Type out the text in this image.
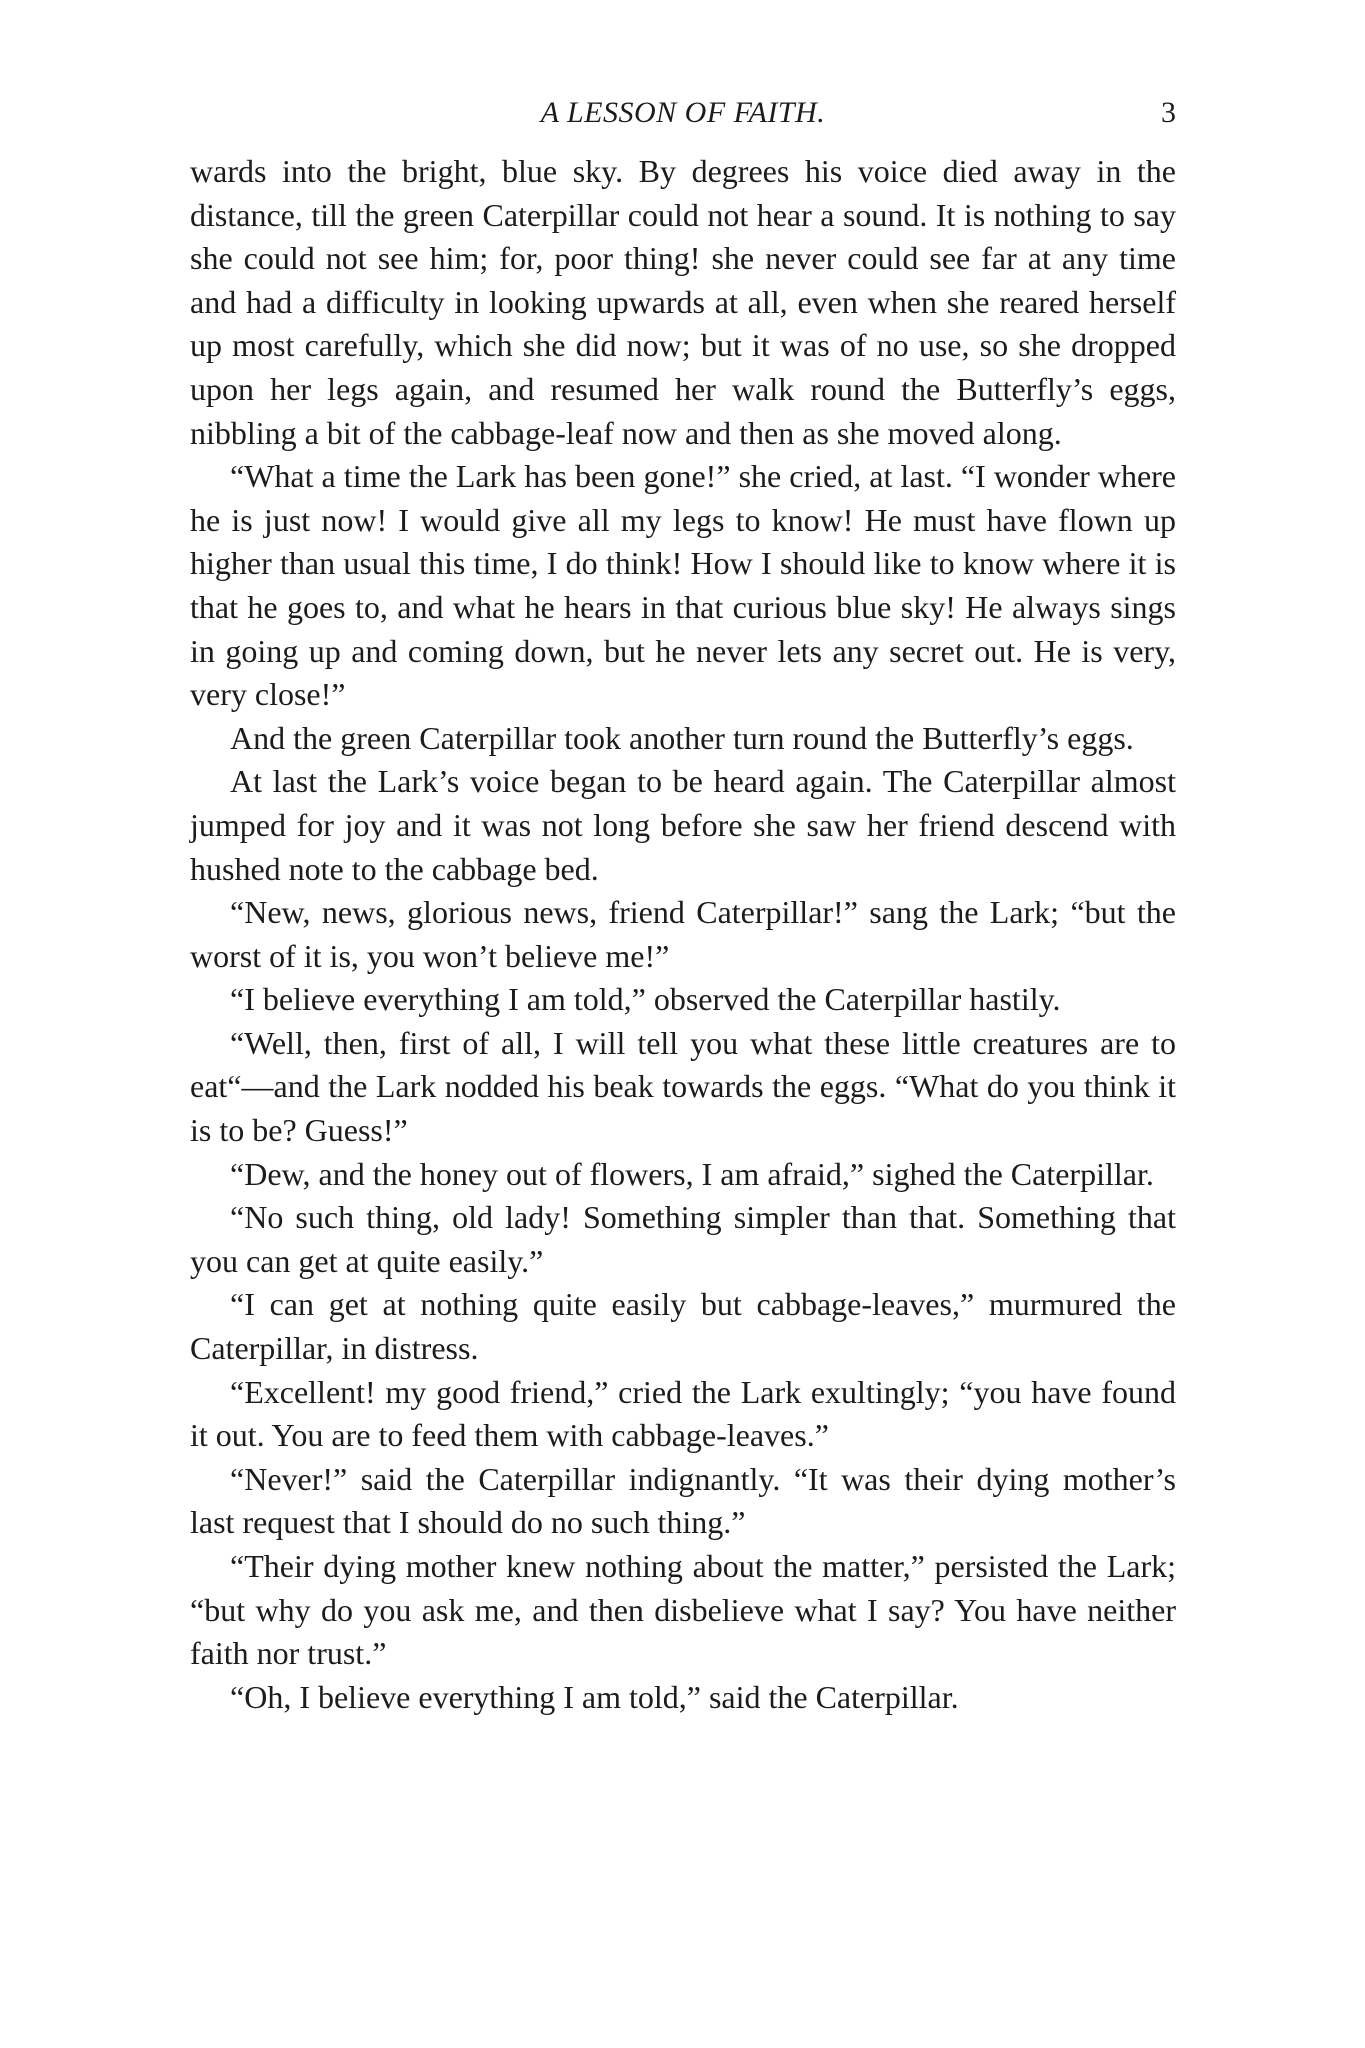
A LESSON OF FAITH.	3

wards into the bright, blue sky. By degrees his voice died away in the distance, till the green Caterpillar could not hear a sound. It is nothing to say she could not see him; for, poor thing! she never could see far at any time and had a difficulty in looking upwards at all, even when she reared herself up most carefully, which she did now; but it was of no use, so she dropped upon her legs again, and resumed her walk round the Butterfly’s eggs, nibbling a bit of the cabbage-leaf now and then as she moved along.

“What a time the Lark has been gone!” she cried, at last. “I wonder where he is just now! I would give all my legs to know! He must have flown up higher than usual this time, I do think! How I should like to know where it is that he goes to, and what he hears in that curious blue sky! He always sings in going up and coming down, but he never lets any secret out. He is very, very close!”

And the green Caterpillar took another turn round the Butterfly’s eggs.

At last the Lark’s voice began to be heard again. The Caterpillar almost jumped for joy and it was not long before she saw her friend descend with hushed note to the cabbage bed.

“New, news, glorious news, friend Caterpillar!” sang the Lark; “but the worst of it is, you won’t believe me!”

“I believe everything I am told,” observed the Caterpillar hastily.

“Well, then, first of all, I will tell you what these little creatures are to eat“—and the Lark nodded his beak towards the eggs. “What do you think it is to be? Guess!”

“Dew, and the honey out of flowers, I am afraid,” sighed the Caterpillar.

“No such thing, old lady! Something simpler than that. Something that you can get at quite easily.”

“I can get at nothing quite easily but cabbage-leaves,” murmured the Caterpillar, in distress.

“Excellent! my good friend,” cried the Lark exultingly; “you have found it out. You are to feed them with cabbage-leaves.”

“Never!” said the Caterpillar indignantly. “It was their dying mother’s last request that I should do no such thing.”

“Their dying mother knew nothing about the matter,” persisted the Lark; “but why do you ask me, and then disbelieve what I say? You have neither faith nor trust.”

“Oh, I believe everything I am told,” said the Caterpillar.
